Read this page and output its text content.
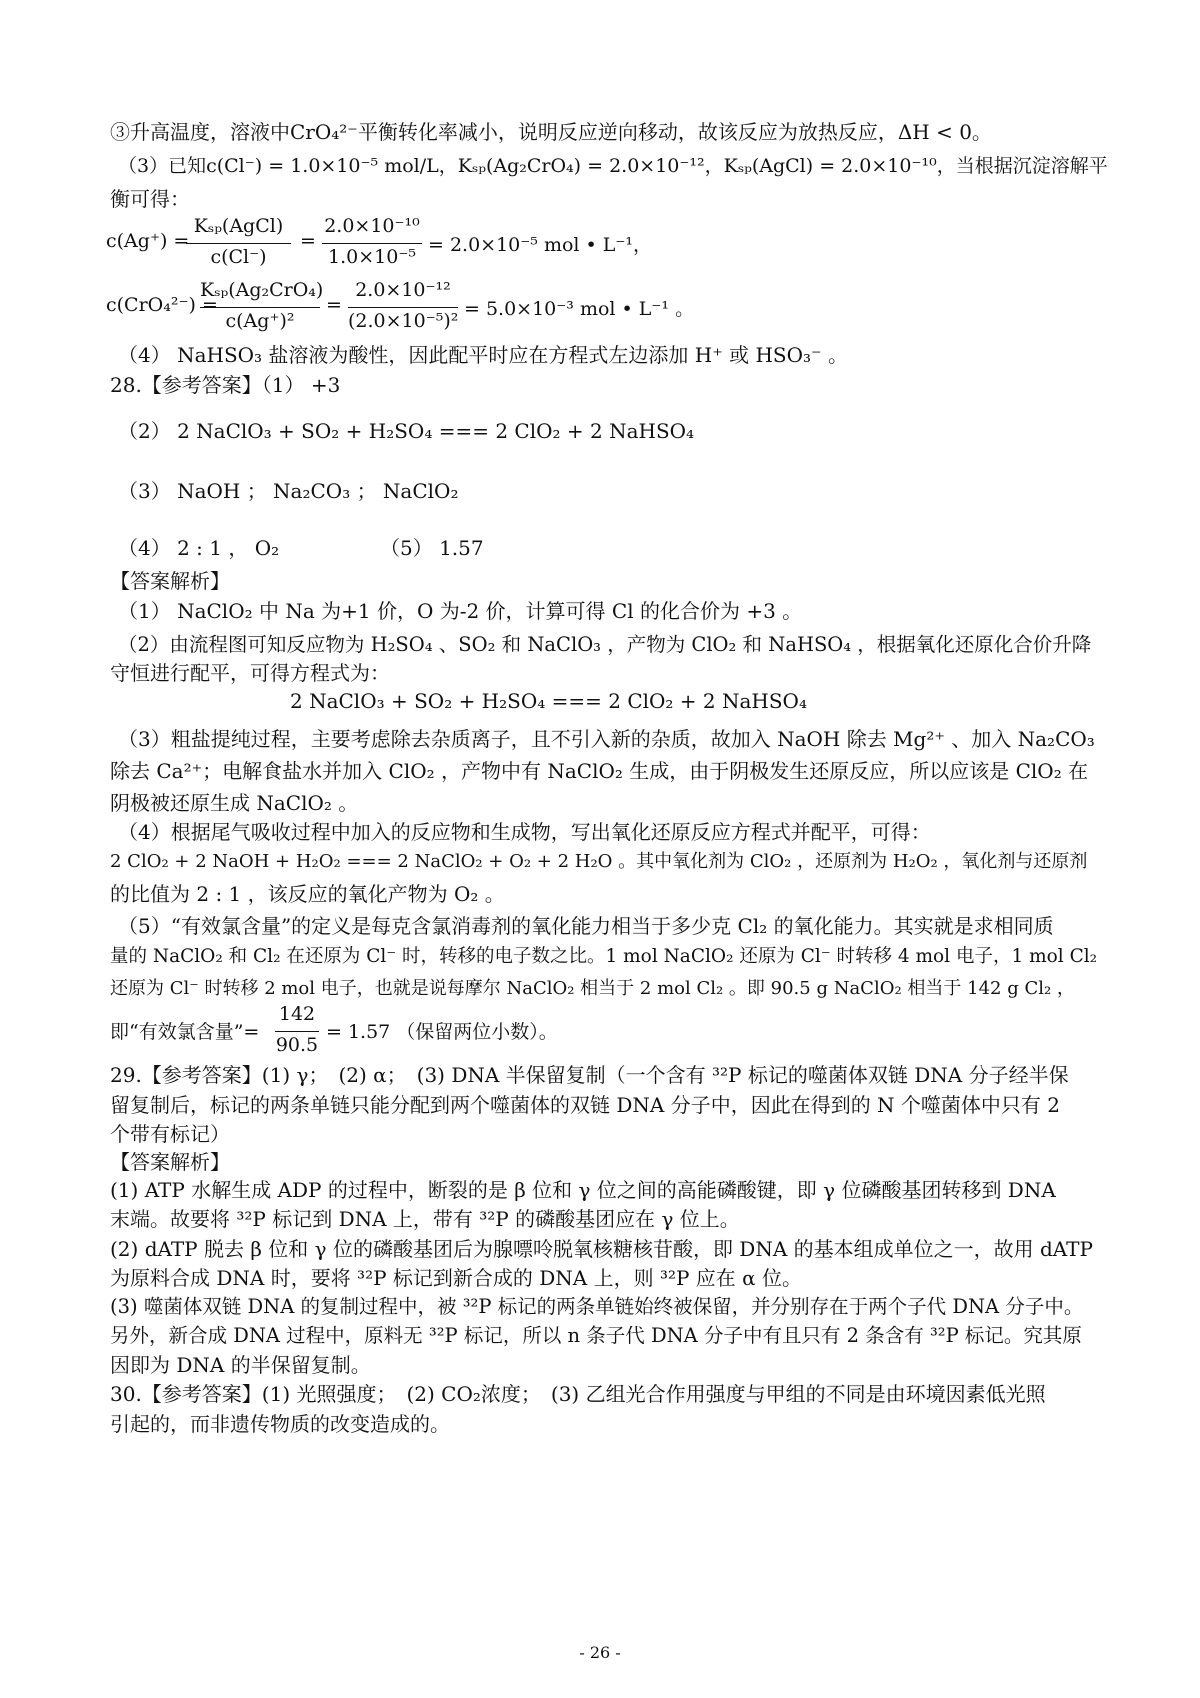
③升高温度，溶液中CrO₄²⁻平衡转化率减小，说明反应逆向移动，故该反应为放热反应，ΔH < 0。
（3）已知c(Cl⁻) = 1.0×10⁻⁵ mol/L，Kₛₚ(Ag₂CrO₄) = 2.0×10⁻¹²，Kₛₚ(AgCl) = 2.0×10⁻¹⁰，当根据沉淀溶解平
衡可得：
c(Ag⁺) =
Kₛₚ(AgCl)
c(Cl⁻)
=
2.0×10⁻¹⁰
1.0×10⁻⁵
= 2.0×10⁻⁵ mol • L⁻¹，
c(CrO₄²⁻) =
Kₛₚ(Ag₂CrO₄)
c(Ag⁺)²
=
2.0×10⁻¹²
(2.0×10⁻⁵)²
= 5.0×10⁻³ mol • L⁻¹ 。
（4） NaHSO₃ 盐溶液为酸性，因此配平时应在方程式左边添加 H⁺ 或 HSO₃⁻ 。
28.【参考答案】（1） +3
（2） 2 NaClO₃ + SO₂ + H₂SO₄ === 2 ClO₂ + 2 NaHSO₄
（3） NaOH ； Na₂CO₃ ； NaClO₂
（4） 2 : 1 ， O₂	（5） 1.57
【答案解析】
（1） NaClO₂ 中 Na 为+1 价，O 为-2 价，计算可得 Cl 的化合价为 +3 。
（2）由流程图可知反应物为 H₂SO₄ 、SO₂ 和 NaClO₃ ，产物为 ClO₂ 和 NaHSO₄ ，根据氧化还原化合价升降
守恒进行配平，可得方程式为：
2 NaClO₃ + SO₂ + H₂SO₄ === 2 ClO₂ + 2 NaHSO₄
（3）粗盐提纯过程，主要考虑除去杂质离子，且不引入新的杂质，故加入 NaOH 除去 Mg²⁺ 、加入 Na₂CO₃
除去 Ca²⁺；电解食盐水并加入 ClO₂ ，产物中有 NaClO₂ 生成，由于阴极发生还原反应，所以应该是 ClO₂ 在
阴极被还原生成 NaClO₂ 。
（4）根据尾气吸收过程中加入的反应物和生成物，写出氧化还原反应方程式并配平，可得：
2 ClO₂ + 2 NaOH + H₂O₂ === 2 NaClO₂ + O₂ + 2 H₂O 。其中氧化剂为 ClO₂ ，还原剂为 H₂O₂ ，氧化剂与还原剂
的比值为 2 : 1 ，该反应的氧化产物为 O₂ 。
（5）“有效氯含量”的定义是每克含氯消毒剂的氧化能力相当于多少克 Cl₂ 的氧化能力。其实就是求相同质
量的 NaClO₂ 和 Cl₂ 在还原为 Cl⁻ 时，转移的电子数之比。1 mol NaClO₂ 还原为 Cl⁻ 时转移 4 mol 电子，1 mol Cl₂
还原为 Cl⁻ 时转移 2 mol 电子，也就是说每摩尔 NaClO₂ 相当于 2 mol Cl₂ 。即 90.5 g NaClO₂ 相当于 142 g Cl₂ ，
即“有效氯含量”=
142
90.5
= 1.57 （保留两位小数）。
29.【参考答案】(1) γ；　(2) α；　(3) DNA 半保留复制（一个含有 ³²P 标记的噬菌体双链 DNA 分子经半保
留复制后，标记的两条单链只能分配到两个噬菌体的双链 DNA 分子中，因此在得到的 N 个噬菌体中只有 2
个带有标记）
【答案解析】
(1) ATP 水解生成 ADP 的过程中，断裂的是 β 位和 γ 位之间的高能磷酸键，即 γ 位磷酸基团转移到 DNA
末端。故要将 ³²P 标记到 DNA 上，带有 ³²P 的磷酸基团应在 γ 位上。
(2) dATP 脱去 β 位和 γ 位的磷酸基团后为腺嘌呤脱氧核糖核苷酸，即 DNA 的基本组成单位之一，故用 dATP
为原料合成 DNA 时，要将 ³²P 标记到新合成的 DNA 上，则 ³²P 应在 α 位。
(3) 噬菌体双链 DNA 的复制过程中，被 ³²P 标记的两条单链始终被保留，并分别存在于两个子代 DNA 分子中。
另外，新合成 DNA 过程中，原料无 ³²P 标记，所以 n 条子代 DNA 分子中有且只有 2 条含有 ³²P 标记。究其原
因即为 DNA 的半保留复制。
30.【参考答案】(1) 光照强度；　(2) CO₂浓度；　(3) 乙组光合作用强度与甲组的不同是由环境因素低光照
引起的，而非遗传物质的改变造成的。
- 26 -
